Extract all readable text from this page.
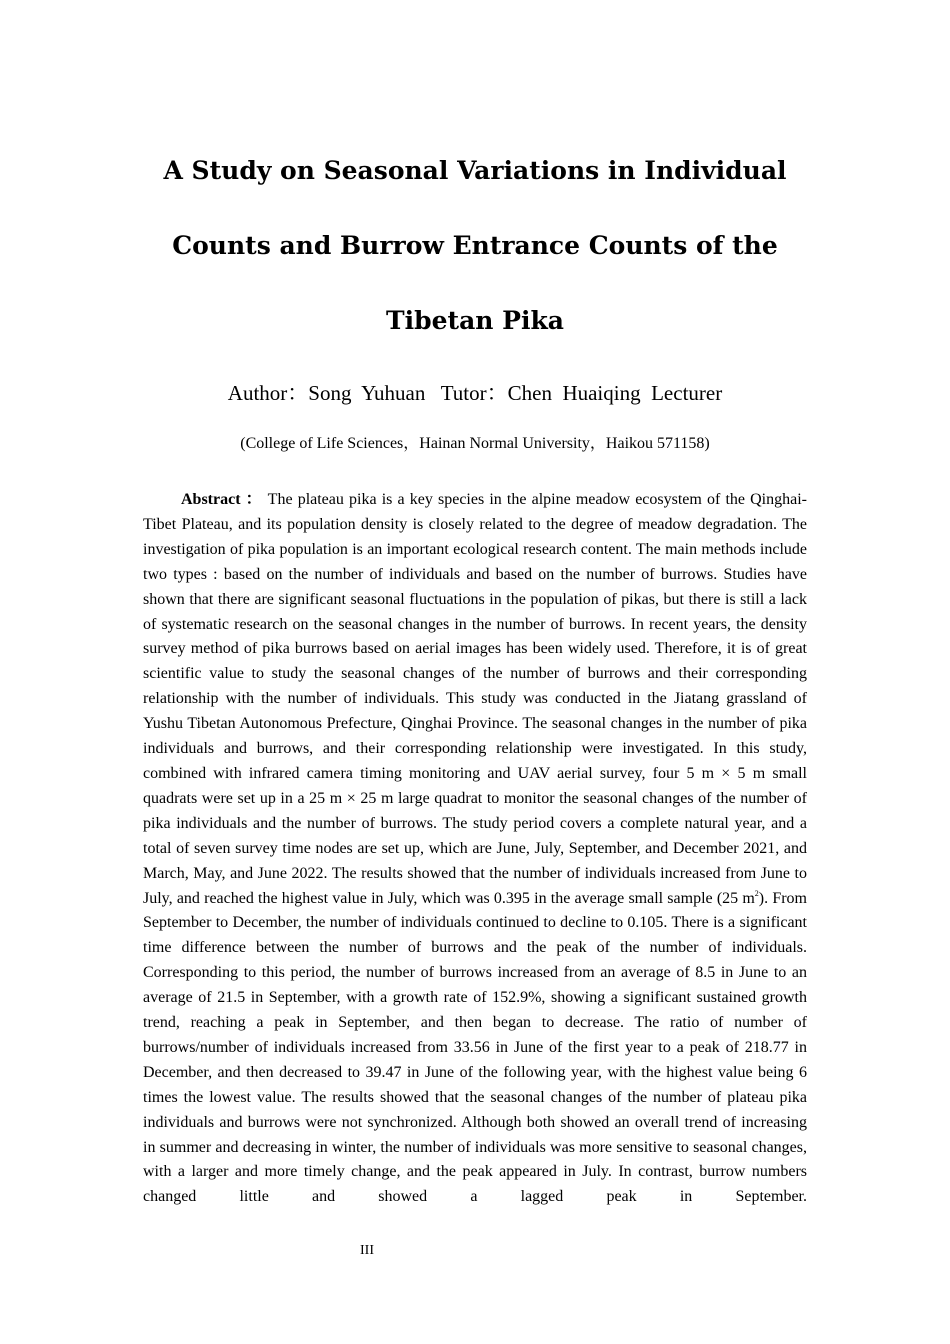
A Study on Seasonal Variations in Individual
Counts and Burrow Entrance Counts of the
Tibetan Pika
Author：Song  Yuhuan   Tutor：Chen  Huaiqing  Lecturer
(College of Life Sciences，Hainan Normal University，Haikou 571158)

Abstract ： The plateau pika is a key species in the alpine meadow ecosystem of the Qinghai-Tibet Plateau, and its population density is closely related to the degree of meadow degradation. The investigation of pika population is an important ecological research content. The main methods include two types : based on the number of individuals and based on the number of burrows. Studies have shown that there are significant seasonal fluctuations in the population of pikas, but there is still a lack of systematic research on the seasonal changes in the number of burrows. In recent years, the density survey method of pika burrows based on aerial images has been widely used. Therefore, it is of great scientific value to study the seasonal changes of the number of burrows and their corresponding relationship with the number of individuals. This study was conducted in the Jiatang grassland of Yushu Tibetan Autonomous Prefecture, Qinghai Province. The seasonal changes in the number of pika individuals and burrows, and their corresponding relationship were investigated. In this study, combined with infrared camera timing monitoring and UAV aerial survey, four 5 m × 5 m small quadrats were set up in a 25 m × 25 m large quadrat to monitor the seasonal changes of the number of pika individuals and the number of burrows. The study period covers a complete natural year, and a total of seven survey time nodes are set up, which are June, July, September, and December 2021, and March, May, and June 2022. The results showed that the number of individuals increased from June to July, and reached the highest value in July, which was 0.395 in the average small sample (25 $m^2$). From September to December, the number of individuals continued to decline to 0.105. There is a significant time difference between the number of burrows and the peak of the number of individuals. Corresponding to this period, the number of burrows increased from an average of 8.5 in June to an average of 21.5 in September, with a growth rate of 152.9%, showing a significant sustained growth trend, reaching a peak in September, and then began to decrease. The ratio of number of burrows/number of individuals increased from 33.56 in June of the first year to a peak of 218.77 in December, and then decreased to 39.47 in June of the following year, with the highest value being 6 times the lowest value. The results showed that the seasonal changes of the number of plateau pika individuals and burrows were not synchronized. Although both showed an overall trend of increasing in summer and decreasing in winter, the number of individuals was more sensitive to seasonal changes, with a larger and more timely change, and the peak appeared in July. In contrast, burrow numbers changed little and showed a lagged peak in September.

III
